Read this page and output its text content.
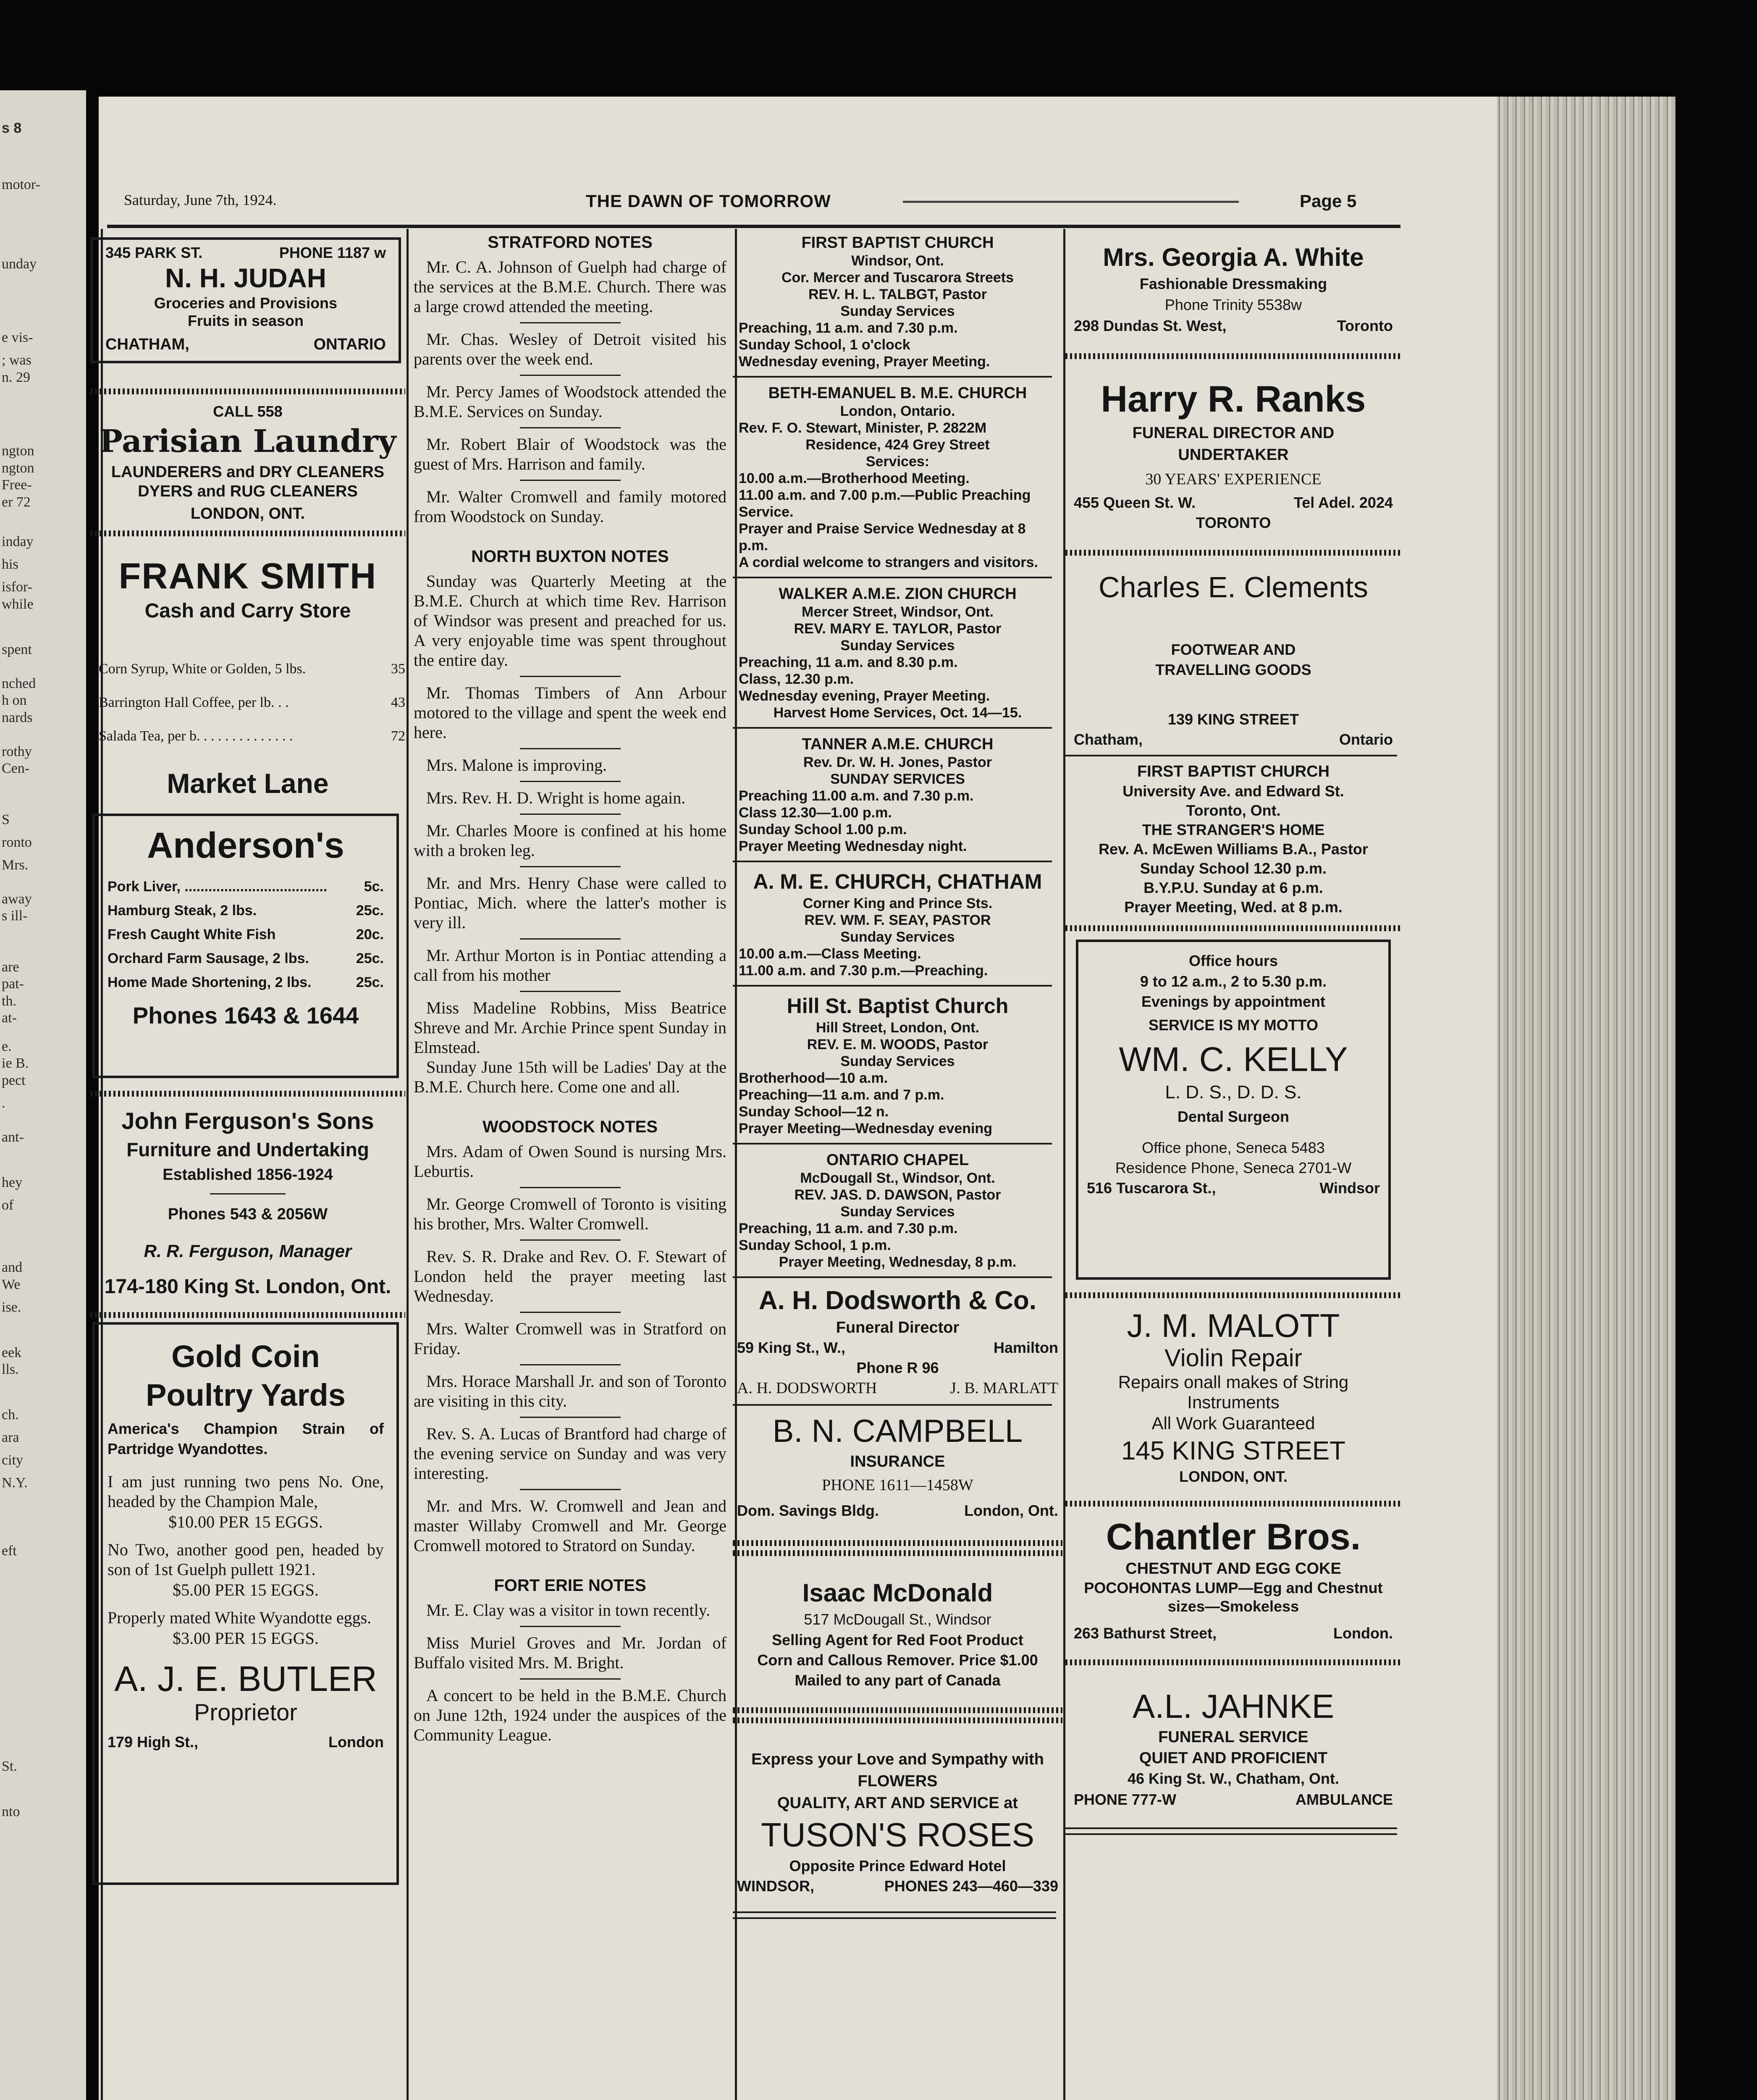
s 8
motor-
unday
e vis-
; was
n. 29
ngton
ngton
Free-
er 72
inday
his
isfor-
while
spent
nched
h on
nards
rothy
Cen-
S
ronto
Mrs.
away
s ill-
are
pat-
th.
at-
e.
ie B.
pect
.
ant-
hey
of
and
We
ise.
eek
lls.
ch.
ara
city
N.Y.
eft
St.
nto
Saturday, June 7th, 1924.	THE DAWN OF TOMORROW	Page 5
345 PARK ST.	PHONE 1187 w

N. H. JUDAH

Groceries and Provisions

Fruits in season

CHATHAM,	ONTARIO

CALL 558

Parisian Laundry

LAUNDERERS and DRY CLEANERS

DYERS and RUG CLEANERS

LONDON, ONT.

FRANK SMITH

Cash and Carry Store

Corn Syrup, White or Golden, 5 lbs.	35
Barrington Hall Coffee, per lb. . .	43
Salada Tea, per b. . . . . . . . . . . . . .	72

Market Lane

Anderson's

Pork Liver, ....................................	5c.
Hamburg Steak, 2 lbs.	25c.
Fresh Caught White Fish	20c.
Orchard Farm Sausage, 2 lbs.	25c.
Home Made Shortening, 2 lbs.	25c.

Phones 1643 & 1644

John Ferguson's Sons

Furniture and Undertaking

Established 1856-1924

Phones 543 & 2056W

R. R. Ferguson, Manager

174-180 King St. London, Ont.

Gold Coin

Poultry Yards

America's Champion Strain of Partridge Wyandottes.

I am just running two pens No. One, headed by the Champion Male,

$10.00 PER 15 EGGS.

No Two, another good pen, headed by son of 1st Guelph pullett 1921.

$5.00 PER 15 EGGS.

Properly mated White Wyandotte eggs.

$3.00 PER 15 EGGS.

A. J. E. BUTLER

Proprietor

179 High St.,	London
STRATFORD NOTES

Mr. C. A. Johnson of Guelph had charge of the services at the B.M.E. Church. There was a large crowd attended the meeting.

Mr. Chas. Wesley of Detroit visited his parents over the week end.

Mr. Percy James of Woodstock attended the B.M.E. Services on Sunday.

Mr. Robert Blair of Woodstock was the guest of Mrs. Harrison and family.

Mr. Walter Cromwell and family motored from Woodstock on Sunday.

NORTH BUXTON NOTES

Sunday was Quarterly Meeting at the B.M.E. Church at which time Rev. Harrison of Windsor was present and preached for us. A very enjoyable time was spent throughout the entire day.

Mr. Thomas Timbers of Ann Arbour motored to the village and spent the week end here.

Mrs. Malone is improving.

Mrs. Rev. H. D. Wright is home again.

Mr. Charles Moore is confined at his home with a broken leg.

Mr. and Mrs. Henry Chase were called to Pontiac, Mich. where the latter's mother is very ill.

Mr. Arthur Morton is in Pontiac attending a call from his mother

Miss Madeline Robbins, Miss Beatrice Shreve and Mr. Archie Prince spent Sunday in Elmstead.

Sunday June 15th will be Ladies' Day at the B.M.E. Church here. Come one and all.

WOODSTOCK NOTES

Mrs. Adam of Owen Sound is nursing Mrs. Leburtis.

Mr. George Cromwell of Toronto is visiting his brother, Mrs. Walter Cromwell.

Rev. S. R. Drake and Rev. O. F. Stewart of London held the prayer meeting last Wednesday.

Mrs. Walter Cromwell was in Stratford on Friday.

Mrs. Horace Marshall Jr. and son of Toronto are visiting in this city.

Rev. S. A. Lucas of Brantford had charge of the evening service on Sunday and was very interesting.

Mr. and Mrs. W. Cromwell and Jean and master Willaby Cromwell and Mr. George Cromwell motored to Stratord on Sunday.

FORT ERIE NOTES

Mr. E. Clay was a visitor in town recently.

Miss Muriel Groves and Mr. Jordan of Buffalo visited Mrs. M. Bright.

A concert to be held in the B.M.E. Church on June 12th, 1924 under the auspices of the Community League.

FIRST BAPTIST CHURCH

Windsor, Ont.

Cor. Mercer and Tuscarora Streets

REV. H. L. TALBGT, Pastor

Sunday Services

Preaching, 11 a.m. and 7.30 p.m.

Sunday School, 1 o'clock

Wednesday evening, Prayer Meeting.

BETH-EMANUEL B. M.E. CHURCH

London, Ontario.

Rev. F. O. Stewart, Minister, P. 2822M

Residence, 424 Grey Street

Services:

10.00 a.m.—Brotherhood Meeting.

11.00 a.m. and 7.00 p.m.—Public Preaching Service.

Prayer and Praise Service Wednesday at 8 p.m.

A cordial welcome to strangers and visitors.

WALKER A.M.E. ZION CHURCH

Mercer Street, Windsor, Ont.

REV. MARY E. TAYLOR, Pastor

Sunday Services

Preaching, 11 a.m. and 8.30 p.m.

Class, 12.30 p.m.

Wednesday evening, Prayer Meeting.

Harvest Home Services, Oct. 14—15.

TANNER A.M.E. CHURCH

Rev. Dr. W. H. Jones, Pastor

SUNDAY SERVICES

Preaching 11.00 a.m. and 7.30 p.m.

Class 12.30—1.00 p.m.

Sunday School 1.00 p.m.

Prayer Meeting Wednesday night.

A. M. E. CHURCH, CHATHAM

Corner King and Prince Sts.

REV. WM. F. SEAY, PASTOR

Sunday Services

10.00 a.m.—Class Meeting.

11.00 a.m. and 7.30 p.m.—Preaching.

Hill St. Baptist Church

Hill Street, London, Ont.

REV. E. M. WOODS, Pastor

Sunday Services

Brotherhood—10 a.m.

Preaching—11 a.m. and 7 p.m.

Sunday School—12 n.

Prayer Meeting—Wednesday evening

ONTARIO CHAPEL

McDougall St., Windsor, Ont.

REV. JAS. D. DAWSON, Pastor

Sunday Services

Preaching, 11 a.m. and 7.30 p.m.

Sunday School, 1 p.m.

Prayer Meeting, Wednesday, 8 p.m.

A. H. Dodsworth & Co.

Funeral Director

59 King St., W.,	Hamilton

Phone R 96

A. H. DODSWORTH	J. B. MARLATT

B. N. CAMPBELL

INSURANCE

PHONE 1611—1458W

Dom. Savings Bldg.	London, Ont.

Isaac McDonald

517 McDougall St., Windsor

Selling Agent for Red Foot Product

Corn and Callous Remover. Price $1.00

Mailed to any part of Canada

Express your Love and Sympathy with FLOWERS

QUALITY, ART AND SERVICE at

TUSON'S ROSES

Opposite Prince Edward Hotel

WINDSOR,	PHONES 243—460—339

Mrs. Georgia A. White

Fashionable Dressmaking

Phone Trinity 5538w

298 Dundas St. West,	Toronto

Harry R. Ranks

FUNERAL DIRECTOR AND

UNDERTAKER

30 YEARS' EXPERIENCE

455 Queen St. W.	Tel Adel. 2024

TORONTO

Charles E. Clements

FOOTWEAR AND

TRAVELLING GOODS

139 KING STREET

Chatham,	Ontario

FIRST BAPTIST CHURCH

University Ave. and Edward St.

Toronto, Ont.

THE STRANGER'S HOME

Rev. A. McEwen Williams B.A., Pastor

Sunday School 12.30 p.m.

B.Y.P.U. Sunday at 6 p.m.

Prayer Meeting, Wed. at 8 p.m.

Office hours

9 to 12 a.m., 2 to 5.30 p.m.

Evenings by appointment

SERVICE IS MY MOTTO

WM. C. KELLY

L. D. S., D. D. S.

Dental Surgeon

Office phone, Seneca 5483

Residence Phone, Seneca 2701-W

516 Tuscarora St.,	Windsor

J. M. MALOTT

Violin Repair

Repairs onall makes of String Instruments

All Work Guaranteed

145 KING STREET

LONDON, ONT.

Chantler Bros.

CHESTNUT AND EGG COKE

POCOHONTAS LUMP—Egg and Chestnut sizes—Smokeless

263 Bathurst Street,	London.

A.L. JAHNKE

FUNERAL SERVICE

QUIET AND PROFICIENT

46 King St. W., Chatham, Ont.

PHONE 777-W	AMBULANCE
